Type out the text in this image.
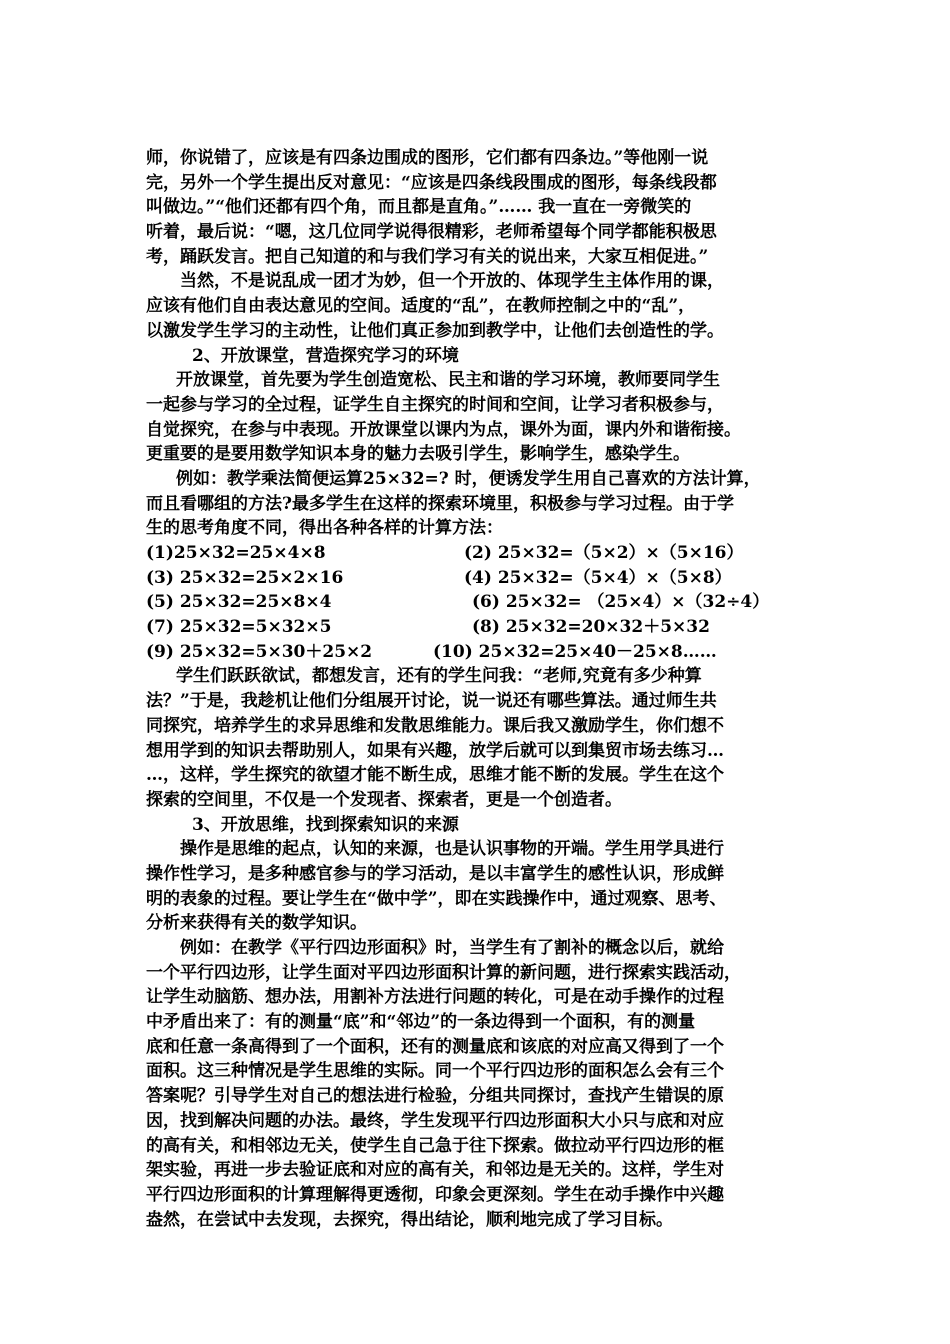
师，你说错了，应该是有四条边围成的图形，它们都有四条边。”等他刚一说
完，另外一个学生提出反对意见：“应该是四条线段围成的图形，每条线段都
叫做边。”“他们还都有四个角，而且都是直角。”…… 我一直在一旁微笑的
听着，最后说：“嗯，这几位同学说得很精彩，老师希望每个同学都能积极思
考，踊跃发言。把自己知道的和与我们学习有关的说出来，大家互相促进。”
当然，不是说乱成一团才为妙，但一个开放的、体现学生主体作用的课，
应该有他们自由表达意见的空间。适度的“乱”，在教师控制之中的“乱”，
以激发学生学习的主动性，让他们真正参加到教学中，让他们去创造性的学。
2、开放课堂，营造探究学习的环境
开放课堂，首先要为学生创造宽松、民主和谐的学习环境，教师要同学生
一起参与学习的全过程，证学生自主探究的时间和空间，让学习者积极参与，
自觉探究，在参与中表现。开放课堂以课内为点，课外为面，课内外和谐衔接。
更重要的是要用数学知识本身的魅力去吸引学生，影响学生，感染学生。
例如：教学乘法简便运算25×32=? 时，便诱发学生用自己喜欢的方法计算，
而且看哪组的方法?最多学生在这样的探索环境里，积极参与学习过程。由于学
生的思考角度不同，得出各种各样的计算方法：
(1)25×32=25×4×8	(2) 25×32=（5×2）×（5×16）
(3) 25×32=25×2×16	(4) 25×32=（5×4）×（5×8）
(5) 25×32=25×8×4	(6) 25×32= （25×4）×（32÷4）
(7) 25×32=5×32×5	(8) 25×32=20×32＋5×32
(9) 25×32=5×30＋25×2	(10) 25×32=25×40－25×8……
学生们跃跃欲试，都想发言，还有的学生问我：“老师,究竟有多少种算
法？”于是，我趁机让他们分组展开讨论，说一说还有哪些算法。通过师生共
同探究，培养学生的求异思维和发散思维能力。课后我又激励学生，你们想不
想用学到的知识去帮助别人，如果有兴趣，放学后就可以到集贸市场去练习…
…，这样，学生探究的欲望才能不断生成，思维才能不断的发展。学生在这个
探索的空间里，不仅是一个发现者、探索者，更是一个创造者。
3、开放思维，找到探索知识的来源
操作是思维的起点，认知的来源，也是认识事物的开端。学生用学具进行
操作性学习，是多种感官参与的学习活动，是以丰富学生的感性认识，形成鲜
明的表象的过程。要让学生在“做中学”，即在实践操作中，通过观察、思考、
分析来获得有关的数学知识。
例如：在教学《平行四边形面积》时，当学生有了割补的概念以后，就给
一个平行四边形，让学生面对平四边形面积计算的新问题，进行探索实践活动，
让学生动脑筋、想办法，用割补方法进行问题的转化，可是在动手操作的过程
中矛盾出来了：有的测量“底”和“邻边”的一条边得到一个面积，有的测量
底和任意一条高得到了一个面积，还有的测量底和该底的对应高又得到了一个
面积。这三种情况是学生思维的实际。同一个平行四边形的面积怎么会有三个
答案呢？引导学生对自己的想法进行检验，分组共同探讨，查找产生错误的原
因，找到解决问题的办法。最终，学生发现平行四边形面积大小只与底和对应
的高有关，和相邻边无关，使学生自己急于往下探索。做拉动平行四边形的框
架实验，再进一步去验证底和对应的高有关，和邻边是无关的。这样，学生对
平行四边形面积的计算理解得更透彻，印象会更深刻。学生在动手操作中兴趣
盎然，在尝试中去发现，去探究，得出结论，顺利地完成了学习目标。
